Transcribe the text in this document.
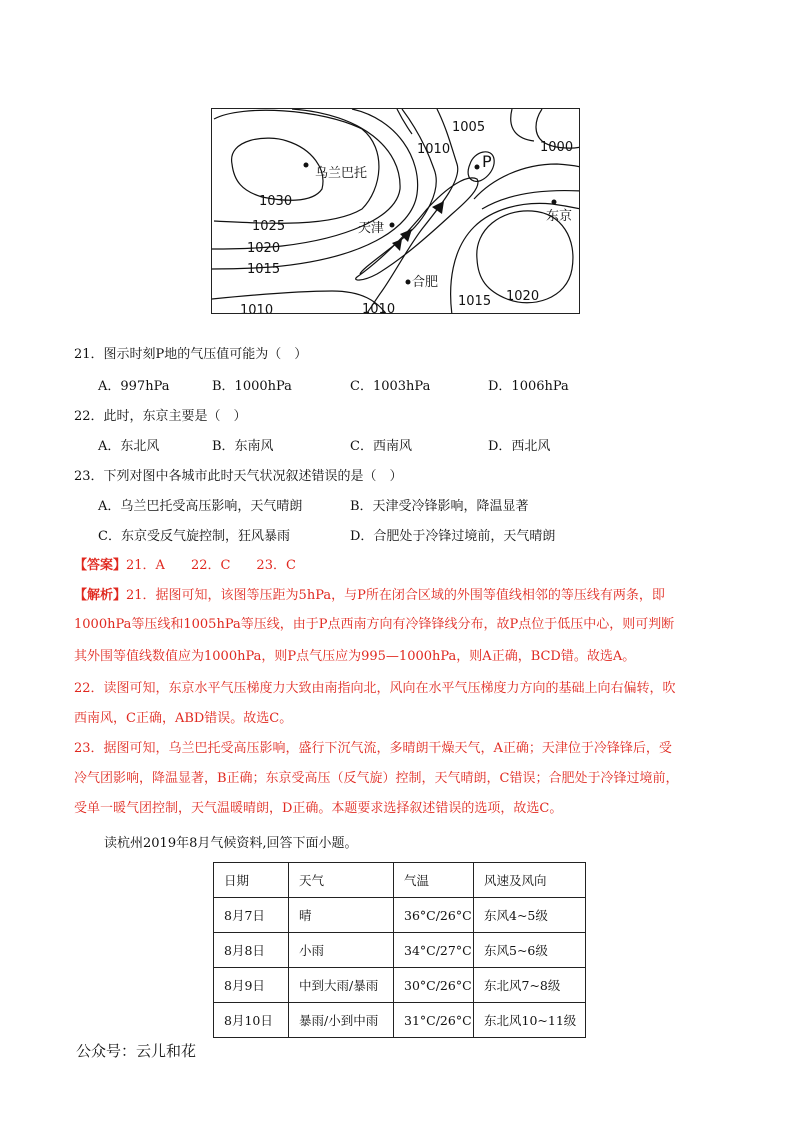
1005
1000
1010
P
乌兰巴托
1030
1025	天津
东京
1020
1015
合肥
1010	1010
1015 1020
21．图示时刻P地的气压值可能为（　）
A．997hPa	B．1000hPa	C．1003hPa	D．1006hPa
22．此时，东京主要是（　）
A．东北风	B．东南风	C．西南风	D．西北风
23．下列对图中各城市此时天气状况叙述错误的是（　）
A．乌兰巴托受高压影响，天气晴朗	B．天津受冷锋影响，降温显著
C．东京受反气旋控制，狂风暴雨	D．合肥处于冷锋过境前，天气晴朗
【答案】21．A　　22．C　　23．C
【解析】21．据图可知，该图等压距为5hPa，与P所在闭合区域的外围等值线相邻的等压线有两条，即
1000hPa等压线和1005hPa等压线，由于P点西南方向有冷锋锋线分布，故P点位于低压中心，则可判断
其外围等值线数值应为1000hPa，则P点气压应为995—1000hPa，则A正确，BCD错。故选A。
22．读图可知，东京水平气压梯度力大致由南指向北，风向在水平气压梯度力方向的基础上向右偏转，吹
西南风，C正确，ABD错误。故选C。
23．据图可知，乌兰巴托受高压影响，盛行下沉气流，多晴朗干燥天气，A正确；天津位于冷锋锋后，受
冷气团影响，降温显著，B正确；东京受高压（反气旋）控制，天气晴朗，C错误；合肥处于冷锋过境前，
受单一暖气团控制，天气温暖晴朗，D正确。本题要求选择叙述错误的选项，故选C。
读杭州2019年8月气候资料,回答下面小题。
日期	天气	气温	风速及风向
8月7日	晴	36°C/26°C	东风4~5级
8月8日	小雨	34°C/27°C	东风5~6级
8月9日	中到大雨/暴雨	30°C/26°C	东北风7~8级
8月10日	暴雨/小到中雨	31°C/26°C	东北风10~11级
公众号：云儿和花
